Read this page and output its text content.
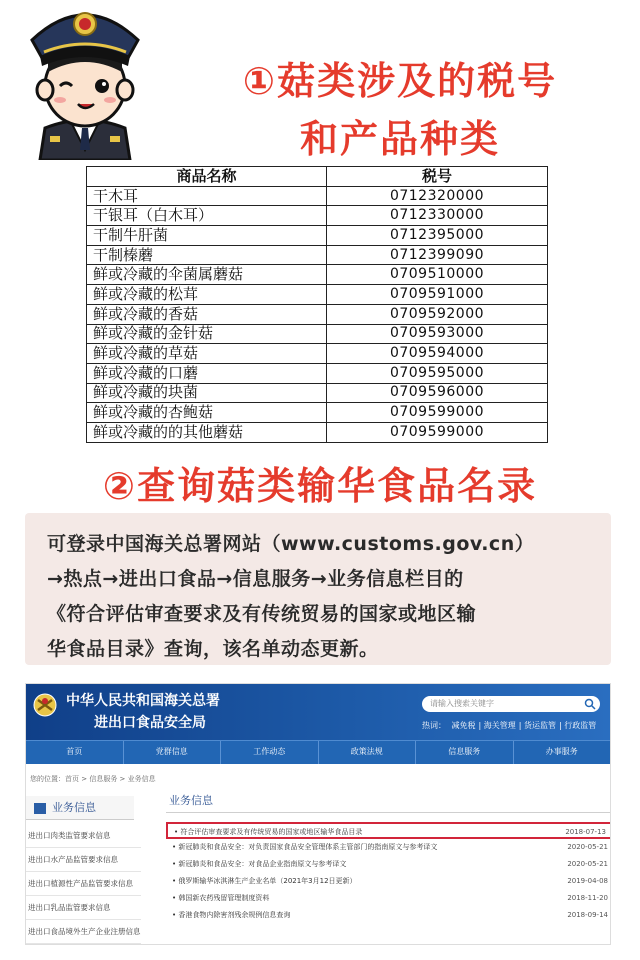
①菇类涉及的税号
和产品种类
商品名称	税号
干木耳	0712320000
干银耳（白木耳）	0712330000
干制牛肝菌	0712395000
干制榛蘑	0712399090
鲜或冷藏的伞菌属蘑菇	0709510000
鲜或冷藏的松茸	0709591000
鲜或冷藏的香菇	0709592000
鲜或冷藏的金针菇	0709593000
鲜或冷藏的草菇	0709594000
鲜或冷藏的口蘑	0709595000
鲜或冷藏的块菌	0709596000
鲜或冷藏的杏鲍菇	0709599000
鲜或冷藏的的其他蘑菇	0709599000
②查询菇类输华食品名录

可登录中国海关总署网站（www.customs.gov.cn）

→热点→进出口食品→信息服务→业务信息栏目的

《符合评估审查要求及有传统贸易的国家或地区输

华食品目录》查询，该名单动态更新。

中华人民共和国海关总署
进出口食品安全局
请输入搜索关键字
热词： 减免税 | 海关管理 | 货运监管 | 行政监管
首页	党群信息	工作动态	政策法规	信息服务	办事服务
您的位置：首页 > 信息服务 > 业务信息
业务信息
进出口肉类监管要求信息
进出口水产品监管要求信息
进出口植源性产品监管要求信息
进出口乳品监管要求信息
进出口食品境外生产企业注册信息
业务信息
• 符合评估审查要求及有传统贸易的国家或地区输华食品目录	2018-07-13
• 新冠肺炎和食品安全：对负责国家食品安全管理体系主管部门的指南原文与参考译文	2020-05-21
• 新冠肺炎和食品安全：对食品企业指南原文与参考译文	2020-05-21
• 俄罗斯输华冰淇淋生产企业名单（2021年3月12日更新）	2019-04-08
• 韩国新农药残留管理制度资料	2018-11-20
• 香港食物内除害剂残余规例信息查询	2018-09-14
